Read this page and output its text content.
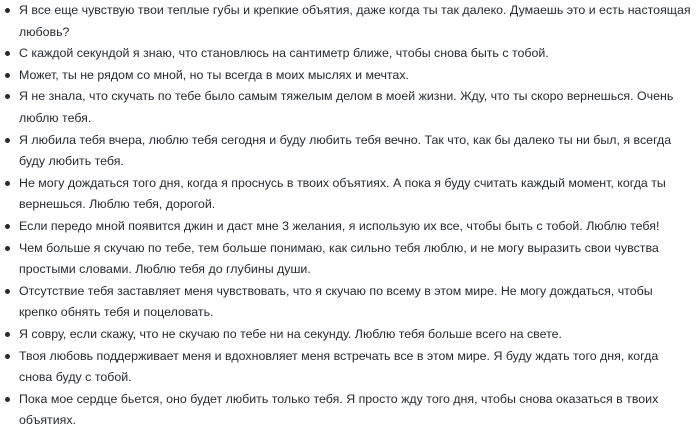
Я все еще чувствую твои теплые губы и крепкие объятия, даже когда ты так далеко. Думаешь это и есть настоящая любовь?
С каждой секундой я знаю, что становлюсь на сантиметр ближе, чтобы снова быть с тобой.
Может, ты не рядом со мной, но ты всегда в моих мыслях и мечтах.
Я не знала, что скучать по тебе было самым тяжелым делом в моей жизни. Жду, что ты скоро вернешься. Очень люблю тебя.
Я любила тебя вчера, люблю тебя сегодня и буду любить тебя вечно. Так что, как бы далеко ты ни был, я всегда буду любить тебя.
Не могу дождаться того дня, когда я проснусь в твоих объятиях. А пока я буду считать каждый момент, когда ты вернешься. Люблю тебя, дорогой.
Если передо мной появится джин и даст мне 3 желания, я использую их все, чтобы быть с тобой. Люблю тебя!
Чем больше я скучаю по тебе, тем больше понимаю, как сильно тебя люблю, и не могу выразить свои чувства простыми словами. Люблю тебя до глубины души.
Отсутствие тебя заставляет меня чувствовать, что я скучаю по всему в этом мире. Не могу дождаться, чтобы крепко обнять тебя и поцеловать.
Я совру, если скажу, что не скучаю по тебе ни на секунду. Люблю тебя больше всего на свете.
Твоя любовь поддерживает меня и вдохновляет меня встречать все в этом мире. Я буду ждать того дня, когда снова буду с тобой.
Пока мое сердце бьется, оно будет любить только тебя. Я просто жду того дня, чтобы снова оказаться в твоих объятиях.
